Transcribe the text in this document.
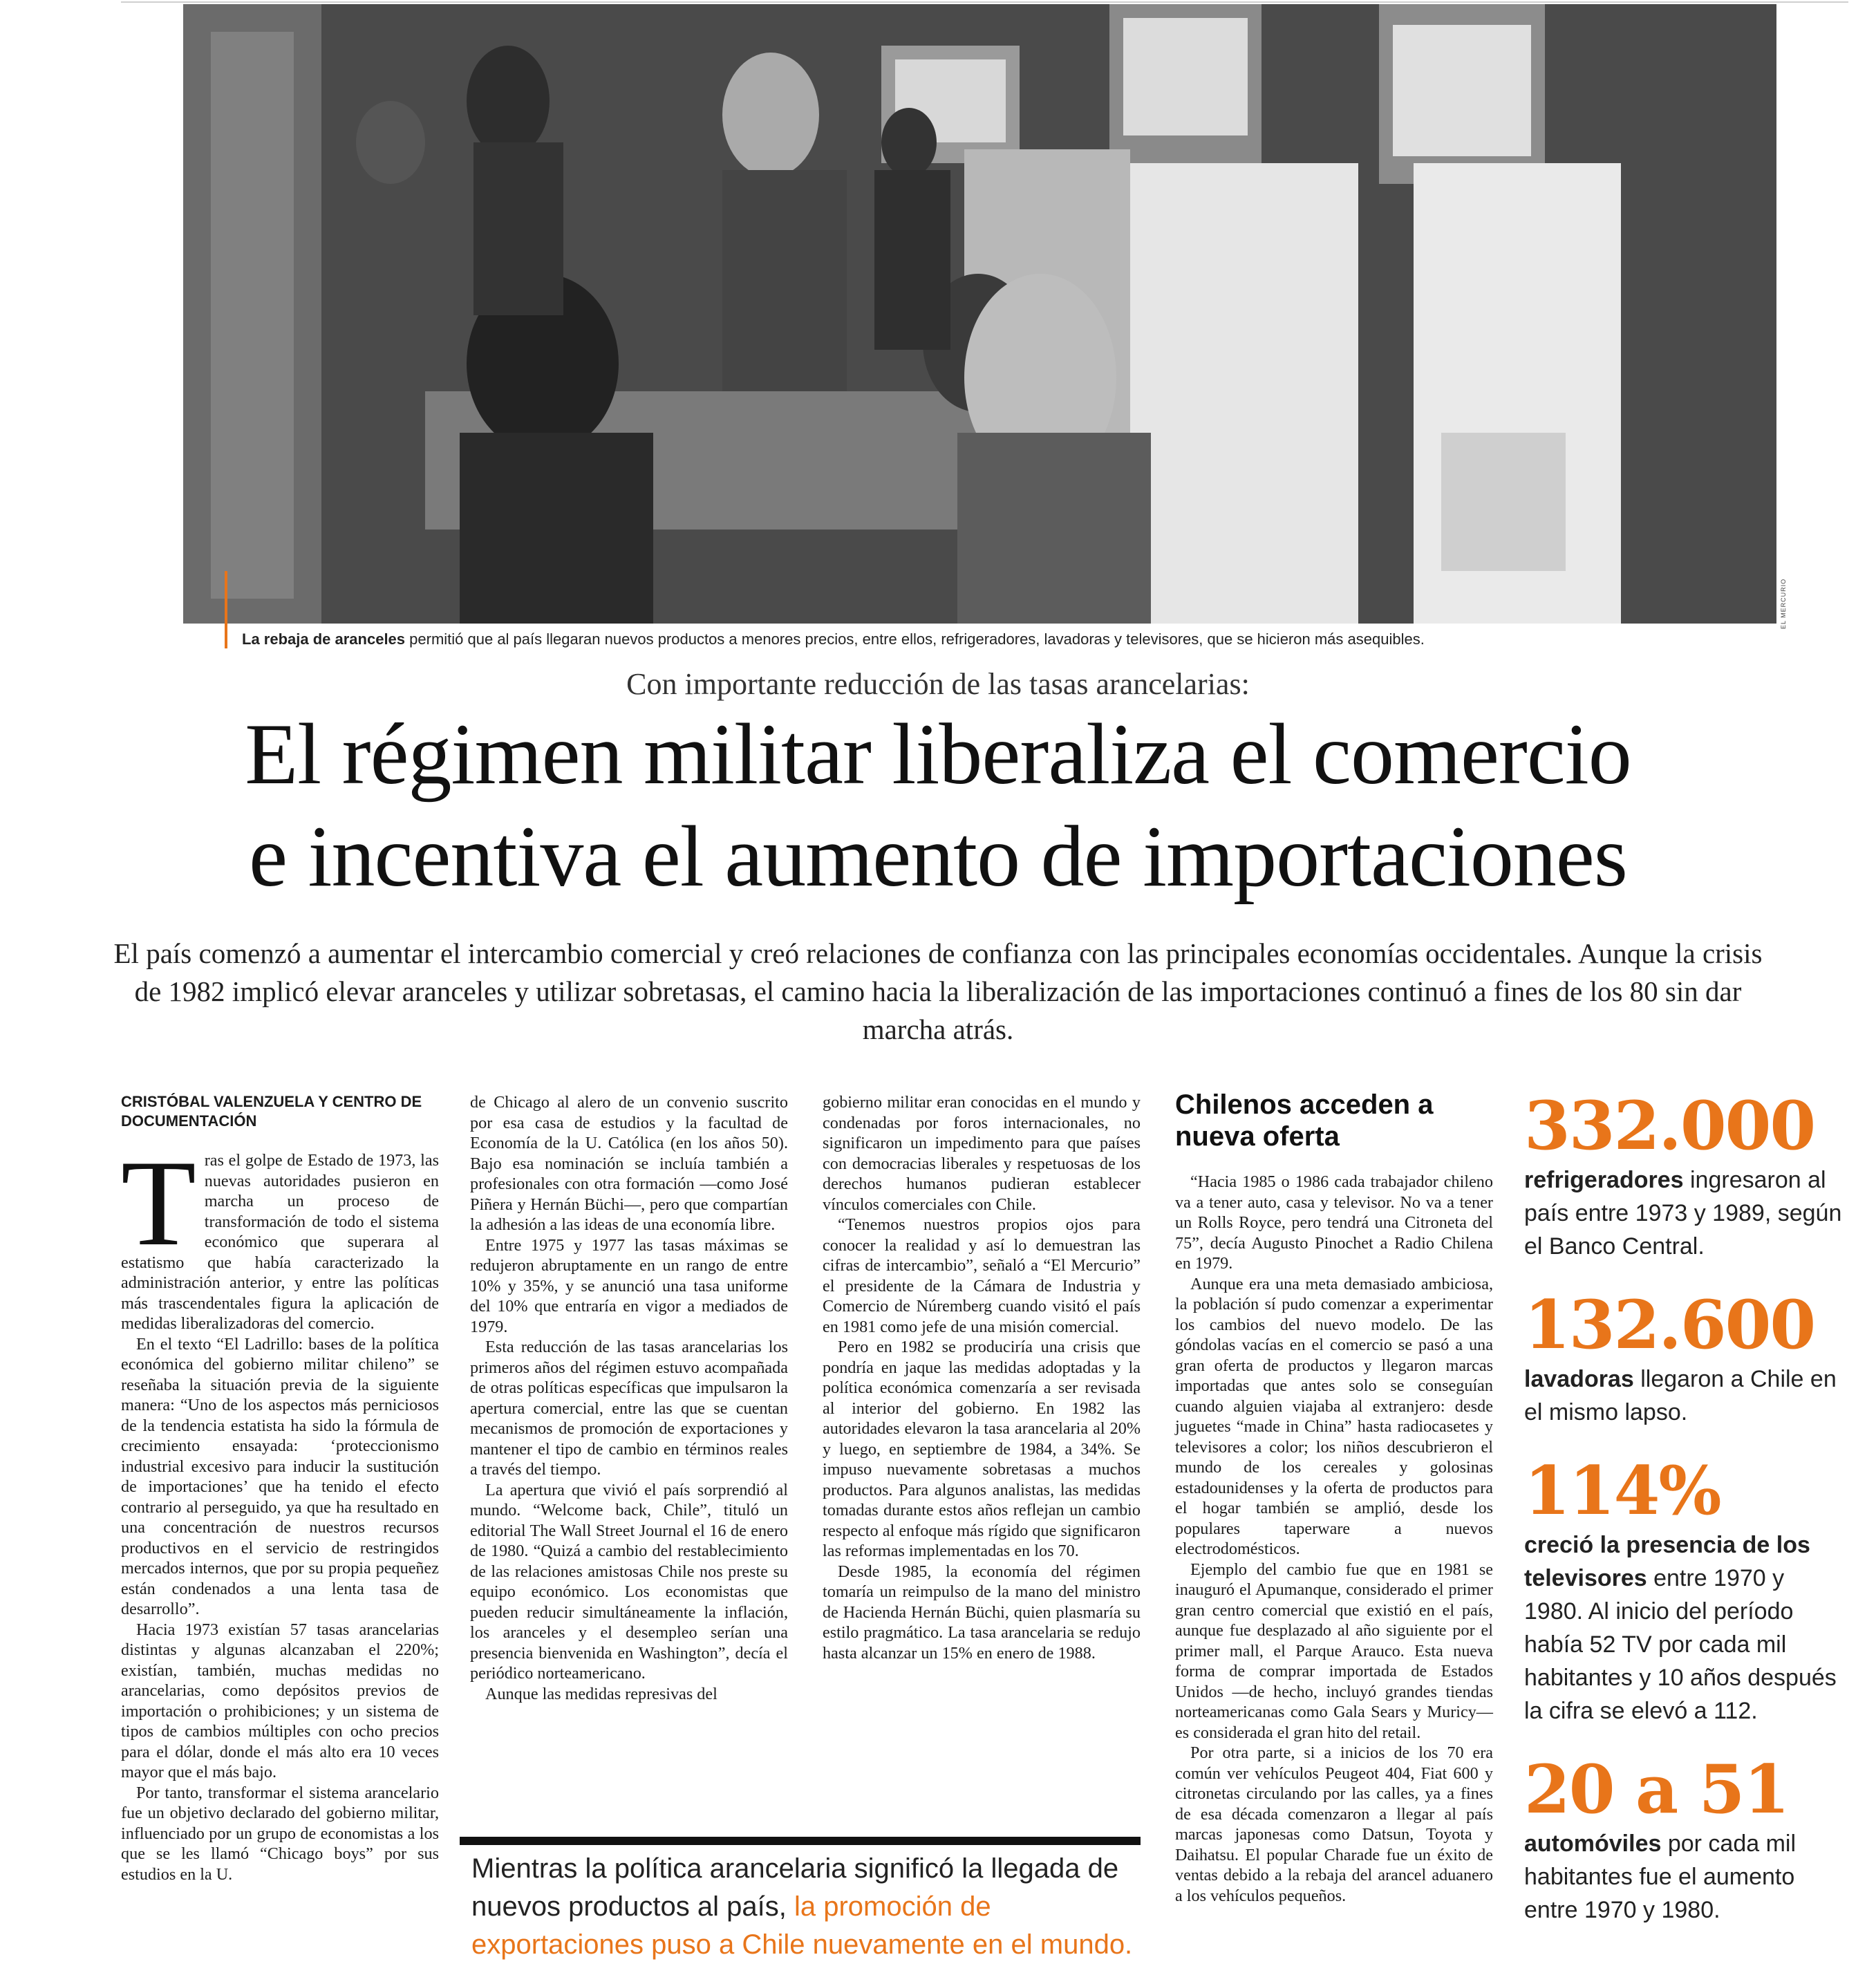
EL MERCURIO
La rebaja de aranceles permitió que al país llegaran nuevos productos a menores precios, entre ellos, refrigeradores, lavadoras y televisores, que se hicieron más asequibles.
Con importante reducción de las tasas arancelarias:
El régimen militar liberaliza el comercio
e incentiva el aumento de importaciones
El país comenzó a aumentar el intercambio comercial y creó relaciones de confianza con las principales economías occidentales. Aunque la crisis de 1982 implicó elevar aranceles y utilizar sobretasas, el camino hacia la liberalización de las importaciones continuó a fines de los 80 sin dar marcha atrás.
CRISTÓBAL VALENZUELA Y CENTRO DE DOCUMENTACIÓN

Tras el golpe de Estado de 1973, las nuevas autoridades pusieron en marcha un proceso de transformación de todo el sistema económico que superara al estatismo que había caracterizado la administración anterior, y entre las políticas más trascendentales figura la aplicación de medidas liberalizadoras del comercio.

En el texto “El Ladrillo: bases de la política económica del gobierno militar chileno” se reseñaba la situación previa de la siguiente manera: “Uno de los aspectos más perniciosos de la tendencia estatista ha sido la fórmula de crecimiento ensayada: ‘proteccionismo industrial excesivo para inducir la sustitución de importaciones’ que ha tenido el efecto contrario al perseguido, ya que ha resultado en una concentración de nuestros recursos productivos en el servicio de restringidos mercados internos, que por su propia pequeñez están condenados a una lenta tasa de desarrollo”.

Hacia 1973 existían 57 tasas arancelarias distintas y algunas alcanzaban el 220%; existían, también, muchas medidas no arancelarias, como depósitos previos de importación o prohibiciones; y un sistema de tipos de cambios múltiples con ocho precios para el dólar, donde el más alto era 10 veces mayor que el más bajo.

Por tanto, transformar el sistema arancelario fue un objetivo declarado del gobierno militar, influenciado por un grupo de economistas a los que se les llamó “Chicago boys” por sus estudios en la U.

de Chicago al alero de un convenio suscrito por esa casa de estudios y la facultad de Economía de la U. Católica (en los años 50). Bajo esa nominación se incluía también a profesionales con otra formación —como José Piñera y Hernán Büchi—, pero que compartían la adhesión a las ideas de una economía libre.

Entre 1975 y 1977 las tasas máximas se redujeron abruptamente en un rango de entre 10% y 35%, y se anunció una tasa uniforme del 10% que entraría en vigor a mediados de 1979.

Esta reducción de las tasas arancelarias los primeros años del régimen estuvo acompañada de otras políticas específicas que impulsaron la apertura comercial, entre las que se cuentan mecanismos de promoción de exportaciones y mantener el tipo de cambio en términos reales a través del tiempo.

La apertura que vivió el país sorprendió al mundo. “Welcome back, Chile”, tituló un editorial The Wall Street Journal el 16 de enero de 1980. “Quizá a cambio del restablecimiento de las relaciones amistosas Chile nos preste su equipo económico. Los economistas que pueden reducir simultáneamente la inflación, los aranceles y el desempleo serían una presencia bienvenida en Washington”, decía el periódico norteamericano.

Aunque las medidas represivas del

gobierno militar eran conocidas en el mundo y condenadas por foros internacionales, no significaron un impedimento para que países con democracias liberales y respetuosas de los derechos humanos pudieran establecer vínculos comerciales con Chile.

“Tenemos nuestros propios ojos para conocer la realidad y así lo demuestran las cifras de intercambio”, señaló a “El Mercurio” el presidente de la Cámara de Industria y Comercio de Núremberg cuando visitó el país en 1981 como jefe de una misión comercial.

Pero en 1982 se produciría una crisis que pondría en jaque las medidas adoptadas y la política económica comenzaría a ser revisada al interior del gobierno. En 1982 las autoridades elevaron la tasa arancelaria al 20% y luego, en septiembre de 1984, a 34%. Se impuso nuevamente sobretasas a muchos productos. Para algunos analistas, las medidas tomadas durante estos años reflejan un cambio respecto al enfoque más rígido que significaron las reformas implementadas en los 70.

Desde 1985, la economía del régimen tomaría un reimpulso de la mano del ministro de Hacienda Hernán Büchi, quien plasmaría su estilo pragmático. La tasa arancelaria se redujo hasta alcanzar un 15% en enero de 1988.

Chilenos acceden a nueva oferta

“Hacia 1985 o 1986 cada trabajador chileno va a tener auto, casa y televisor. No va a tener un Rolls Royce, pero tendrá una Citroneta del 75”, decía Augusto Pinochet a Radio Chilena en 1979.

Aunque era una meta demasiado ambiciosa, la población sí pudo comenzar a experimentar los cambios del nuevo modelo. De las góndolas vacías en el comercio se pasó a una gran oferta de productos y llegaron marcas importadas que antes solo se conseguían cuando alguien viajaba al extranjero: desde juguetes “made in China” hasta radiocasetes y televisores a color; los niños descubrieron el mundo de los cereales y golosinas estadounidenses y la oferta de productos para el hogar también se amplió, desde los populares taperware a nuevos electrodomésticos.

Ejemplo del cambio fue que en 1981 se inauguró el Apumanque, considerado el primer gran centro comercial que existió en el país, aunque fue desplazado al año siguiente por el primer mall, el Parque Arauco. Esta nueva forma de comprar importada de Estados Unidos —de hecho, incluyó grandes tiendas norteamericanas como Gala Sears y Muricy— es considerada el gran hito del retail.

Por otra parte, si a inicios de los 70 era común ver vehículos Peugeot 404, Fiat 600 y citronetas circulando por las calles, ya a fines de esa década comenzaron a llegar al país marcas japonesas como Datsun, Toyota y Daihatsu. El popular Charade fue un éxito de ventas debido a la rebaja del arancel aduanero a los vehículos pequeños.

Mientras la política arancelaria significó la llegada de nuevos productos al país, la promoción de exportaciones puso a Chile nuevamente en el mundo.
332.000
refrigeradores ingresaron al país entre 1973 y 1989, según el Banco Central.
132.600
lavadoras llegaron a Chile en el mismo lapso.
114%
creció la presencia de los televisores entre 1970 y 1980. Al inicio del período había 52 TV por cada mil habitantes y 10 años después la cifra se elevó a 112.
20 a 51
automóviles por cada mil habitantes fue el aumento entre 1970 y 1980.
